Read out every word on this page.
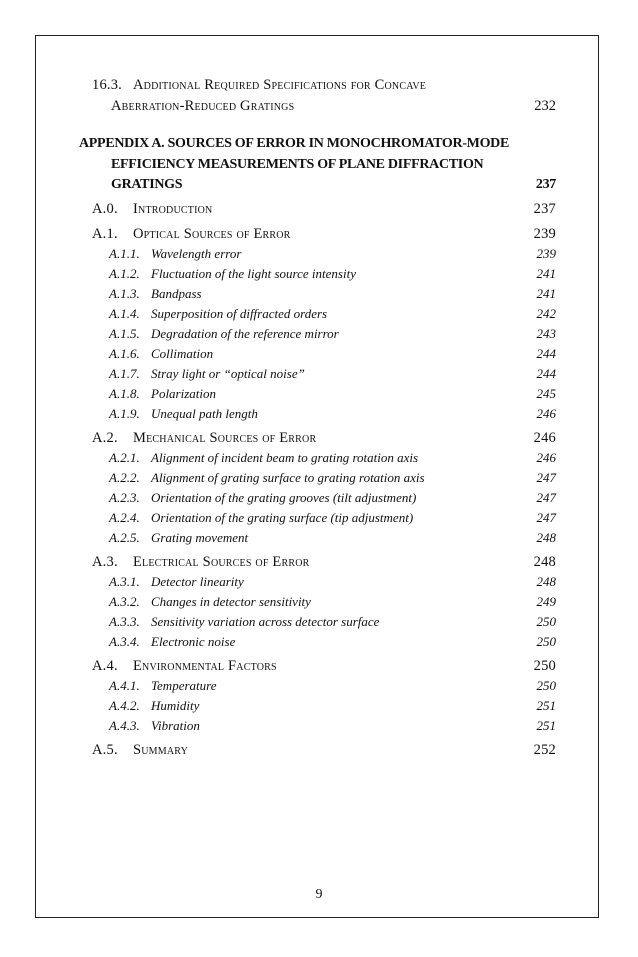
16.3. Additional Required Specifications for Concave
Aberration-Reduced Gratings	232
APPENDIX A. SOURCES OF ERROR IN MONOCHROMATOR-MODE
EFFICIENCY MEASUREMENTS OF PLANE DIFFRACTION
GRATINGS	237
A.0. Introduction	237
A.1. Optical Sources of Error	239
A.1.1. Wavelength error	239
A.1.2. Fluctuation of the light source intensity	241
A.1.3. Bandpass	241
A.1.4. Superposition of diffracted orders	242
A.1.5. Degradation of the reference mirror	243
A.1.6. Collimation	244
A.1.7. Stray light or “optical noise”	244
A.1.8. Polarization	245
A.1.9. Unequal path length	246
A.2. Mechanical Sources of Error	246
A.2.1. Alignment of incident beam to grating rotation axis	246
A.2.2. Alignment of grating surface to grating rotation axis	247
A.2.3. Orientation of the grating grooves (tilt adjustment)	247
A.2.4. Orientation of the grating surface (tip adjustment)	247
A.2.5. Grating movement	248
A.3. Electrical Sources of Error	248
A.3.1. Detector linearity	248
A.3.2. Changes in detector sensitivity	249
A.3.3. Sensitivity variation across detector surface	250
A.3.4. Electronic noise	250
A.4. Environmental Factors	250
A.4.1. Temperature	250
A.4.2. Humidity	251
A.4.3. Vibration	251
A.5. Summary	252
9
